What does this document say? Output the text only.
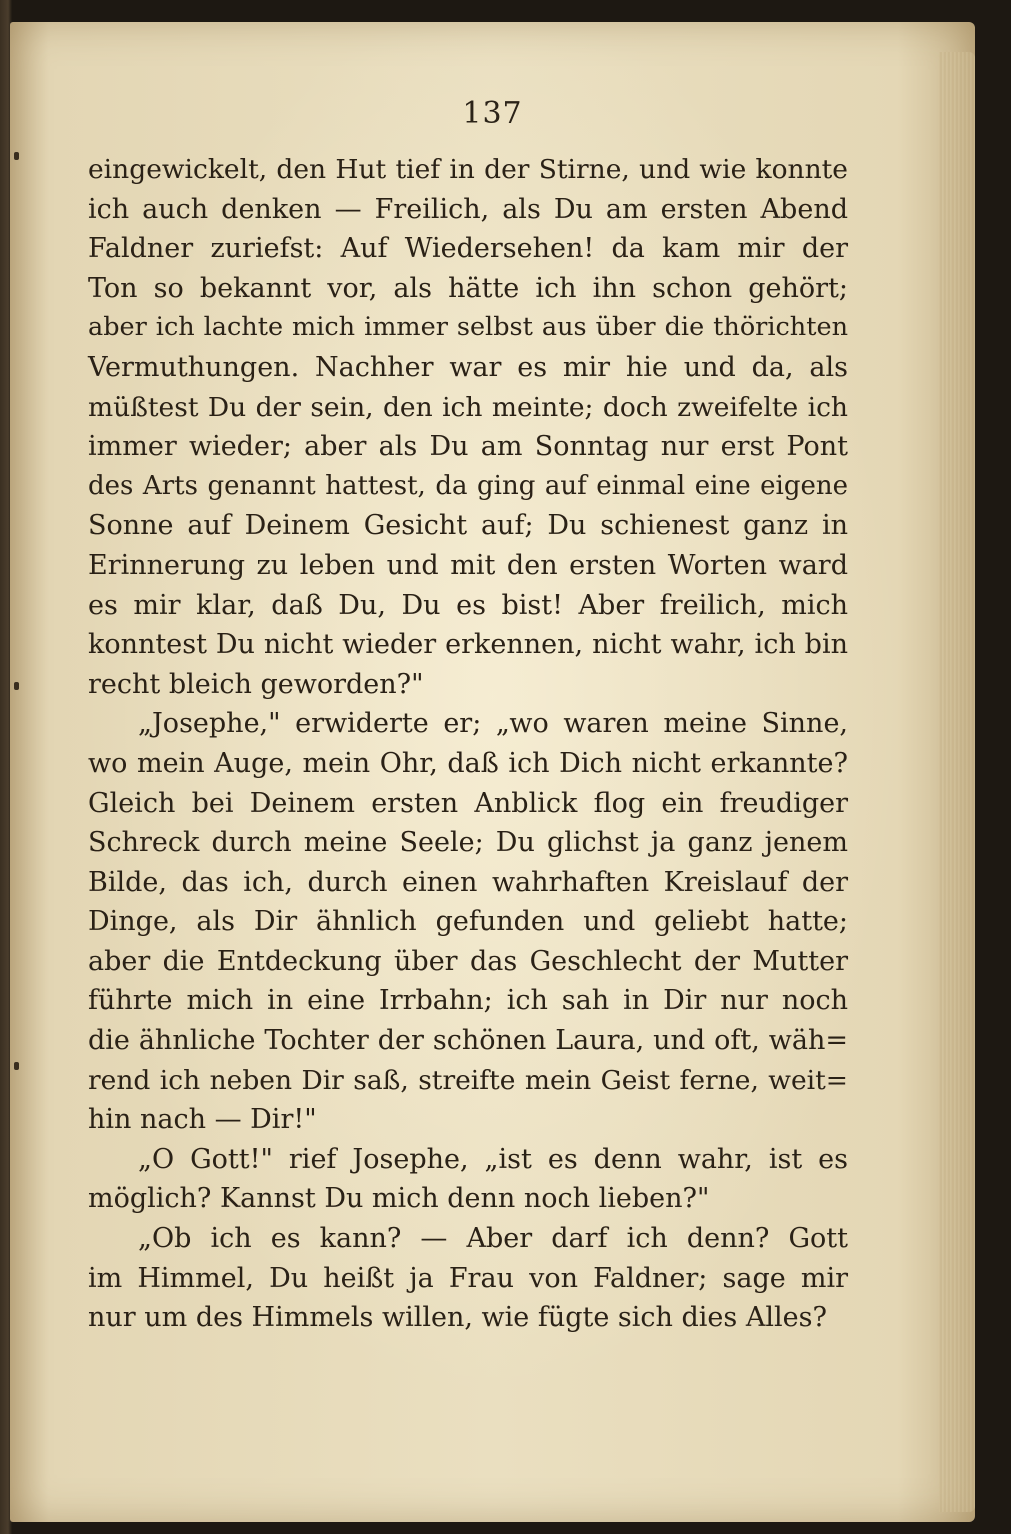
137
eingewickelt, den Hut tief in der Stirne, und wie konnte
ich auch denken — Freilich, als Du am ersten Abend
Faldner zuriefst: Auf Wiedersehen! da kam mir der
Ton so bekannt vor, als hätte ich ihn schon gehört;
aber ich lachte mich immer selbst aus über die thörichten
Vermuthungen. Nachher war es mir hie und da, als
müßtest Du der sein, den ich meinte; doch zweifelte ich
immer wieder; aber als Du am Sonntag nur erst Pont
des Arts genannt hattest, da ging auf einmal eine eigene
Sonne auf Deinem Gesicht auf; Du schienest ganz in
Erinnerung zu leben und mit den ersten Worten ward
es mir klar, daß Du, Du es bist! Aber freilich, mich
konntest Du nicht wieder erkennen, nicht wahr, ich bin
recht bleich geworden?"
„Josephe," erwiderte er; „wo waren meine Sinne,
wo mein Auge, mein Ohr, daß ich Dich nicht erkannte?
Gleich bei Deinem ersten Anblick flog ein freudiger
Schreck durch meine Seele; Du glichst ja ganz jenem
Bilde, das ich, durch einen wahrhaften Kreislauf der
Dinge, als Dir ähnlich gefunden und geliebt hatte;
aber die Entdeckung über das Geschlecht der Mutter
führte mich in eine Irrbahn; ich sah in Dir nur noch
die ähnliche Tochter der schönen Laura, und oft, wäh=
rend ich neben Dir saß, streifte mein Geist ferne, weit=
hin nach — Dir!"
„O Gott!" rief Josephe, „ist es denn wahr, ist es
möglich? Kannst Du mich denn noch lieben?"
„Ob ich es kann? — Aber darf ich denn? Gott
im Himmel, Du heißt ja Frau von Faldner; sage mir
nur um des Himmels willen, wie fügte sich dies Alles?
